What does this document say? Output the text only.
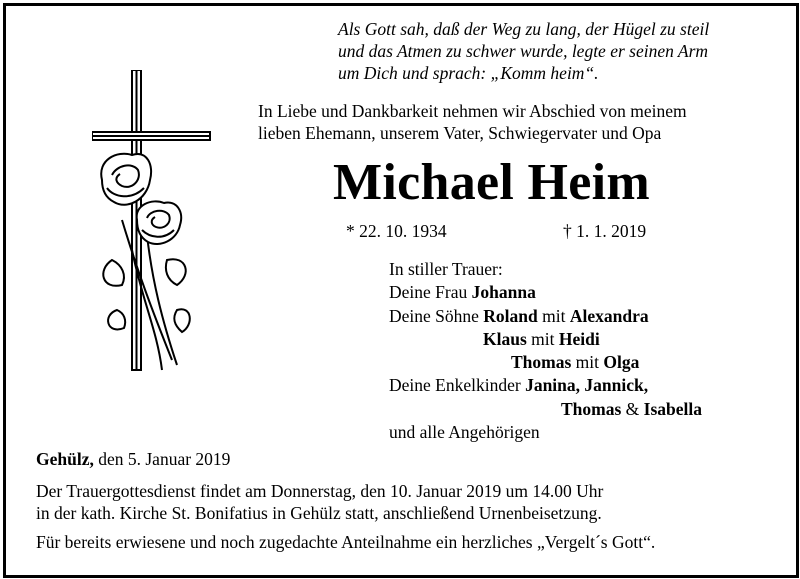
Als Gott sah, daß der Weg zu lang, der Hügel zu steil
und das Atmen zu schwer wurde, legte er seinen Arm
um Dich und sprach: „Komm heim“.
In Liebe und Dankbarkeit nehmen wir Abschied von meinem
lieben Ehemann, unserem Vater, Schwiegervater und Opa
Michael Heim
* 22. 10. 1934	† 1. 1. 2019
In stiller Trauer:
Deine Frau Johanna
Deine Söhne Roland mit Alexandra
Klaus mit Heidi
Thomas mit Olga
Deine Enkelkinder Janina, Jannick,
Thomas & Isabella
und alle Angehörigen
Gehülz, den 5. Januar 2019
Der Trauergottesdienst findet am Donnerstag, den 10. Januar 2019 um 14.00 Uhr
in der kath. Kirche St. Bonifatius in Gehülz statt, anschließend Urnenbeisetzung.
Für bereits erwiesene und noch zugedachte Anteilnahme ein herzliches „Vergelt´s Gott“.
